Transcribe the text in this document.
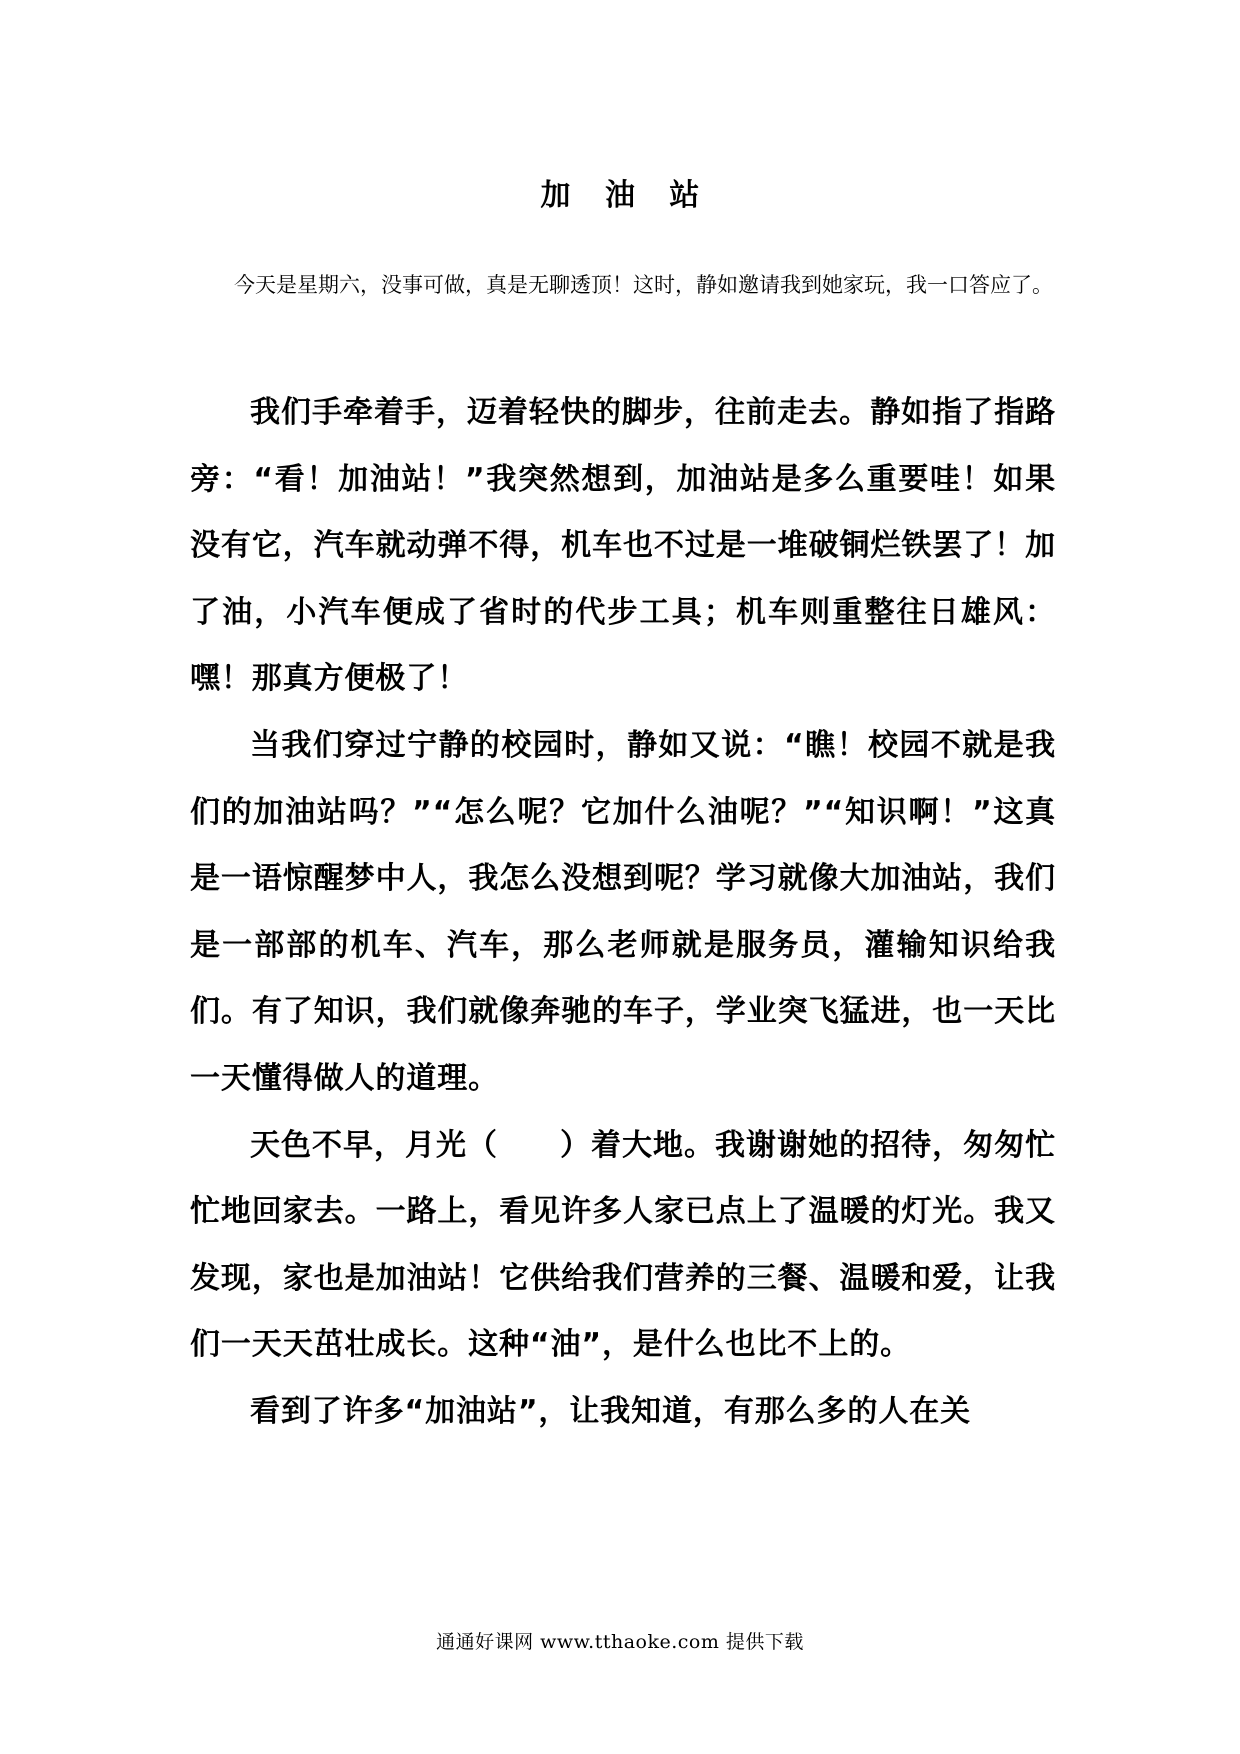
加 油 站

今天是星期六，没事可做，真是无聊透顶！这时，静如邀请我到她家玩，我一口答应了。

我们手牵着手，迈着轻快的脚步，往前走去。静如指了指路旁：“看！加油站！”我突然想到，加油站是多么重要哇！如果没有它，汽车就动弹不得，机车也不过是一堆破铜烂铁罢了！加了油，小汽车便成了省时的代步工具；机车则重整往日雄风：嘿！那真方便极了！

当我们穿过宁静的校园时，静如又说：“瞧！校园不就是我们的加油站吗？”“怎么呢？它加什么油呢？”“知识啊！”这真是一语惊醒梦中人，我怎么没想到呢？学习就像大加油站，我们是一部部的机车、汽车，那么老师就是服务员，灌输知识给我们。有了知识，我们就像奔驰的车子，学业突飞猛进，也一天比一天懂得做人的道理。

天色不早，月光（　　）着大地。我谢谢她的招待，匆匆忙忙地回家去。一路上，看见许多人家已点上了温暖的灯光。我又发现，家也是加油站！它供给我们营养的三餐、温暖和爱，让我们一天天茁壮成长。这种“油”，是什么也比不上的。

看到了许多“加油站”，让我知道，有那么多的人在关

通通好课网 www.tthaoke.com 提供下载
